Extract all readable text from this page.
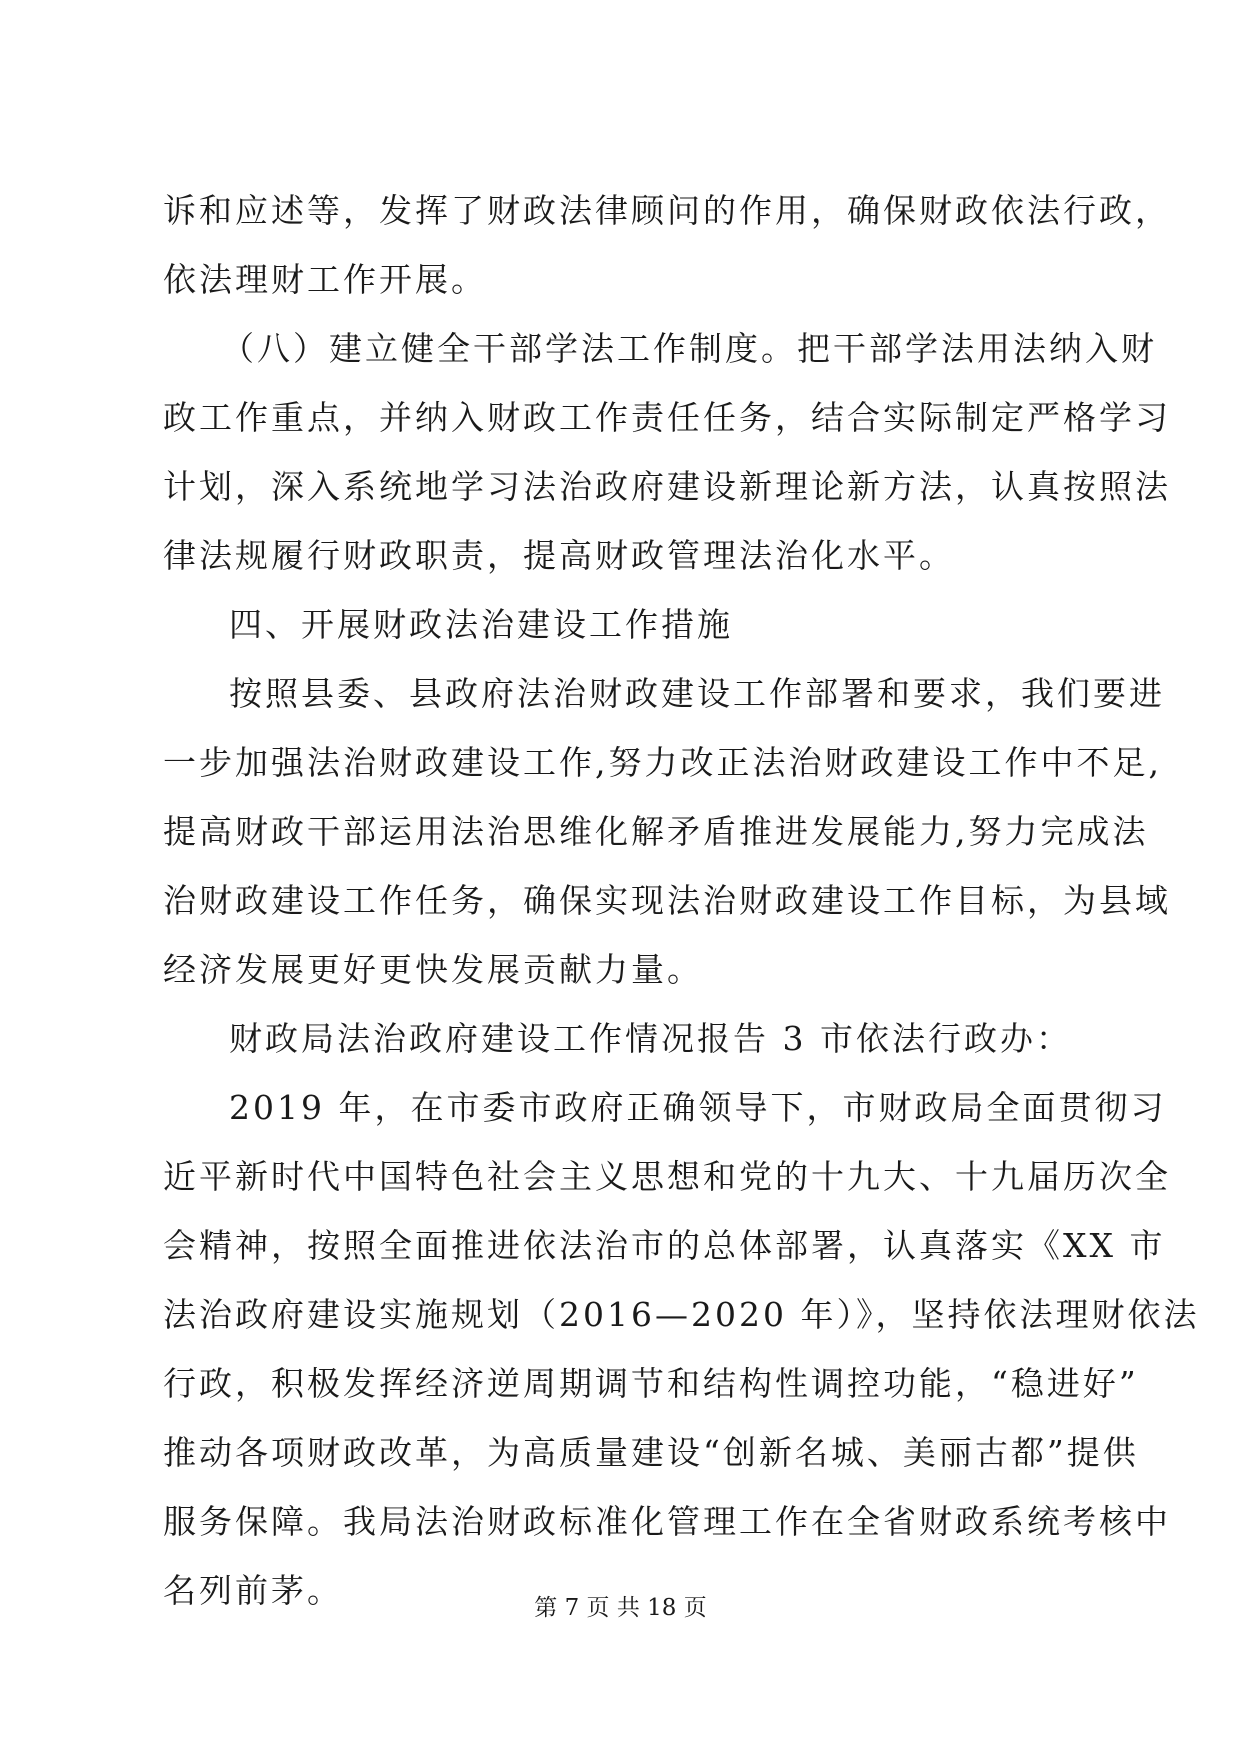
诉和应述等，发挥了财政法律顾问的作用，确保财政依法行政，
依法理财工作开展。
（八）建立健全干部学法工作制度。把干部学法用法纳入财
政工作重点，并纳入财政工作责任任务，结合实际制定严格学习
计划，深入系统地学习法治政府建设新理论新方法，认真按照法
律法规履行财政职责，提高财政管理法治化水平。
四、开展财政法治建设工作措施
按照县委、县政府法治财政建设工作部署和要求，我们要进
一步加强法治财政建设工作,努力改正法治财政建设工作中不足,
提高财政干部运用法治思维化解矛盾推进发展能力,努力完成法
治财政建设工作任务，确保实现法治财政建设工作目标，为县域
经济发展更好更快发展贡献力量。
财政局法治政府建设工作情况报告 3 市依法行政办：
2019 年，在市委市政府正确领导下，市财政局全面贯彻习
近平新时代中国特色社会主义思想和党的十九大、十九届历次全
会精神，按照全面推进依法治市的总体部署，认真落实《XX 市
法治政府建设实施规划（2016—2020 年）》，坚持依法理财依法
行政，积极发挥经济逆周期调节和结构性调控功能，“稳进好”
推动各项财政改革，为高质量建设“创新名城、美丽古都”提供
服务保障。我局法治财政标准化管理工作在全省财政系统考核中
名列前茅。	第 7 页 共 18 页
